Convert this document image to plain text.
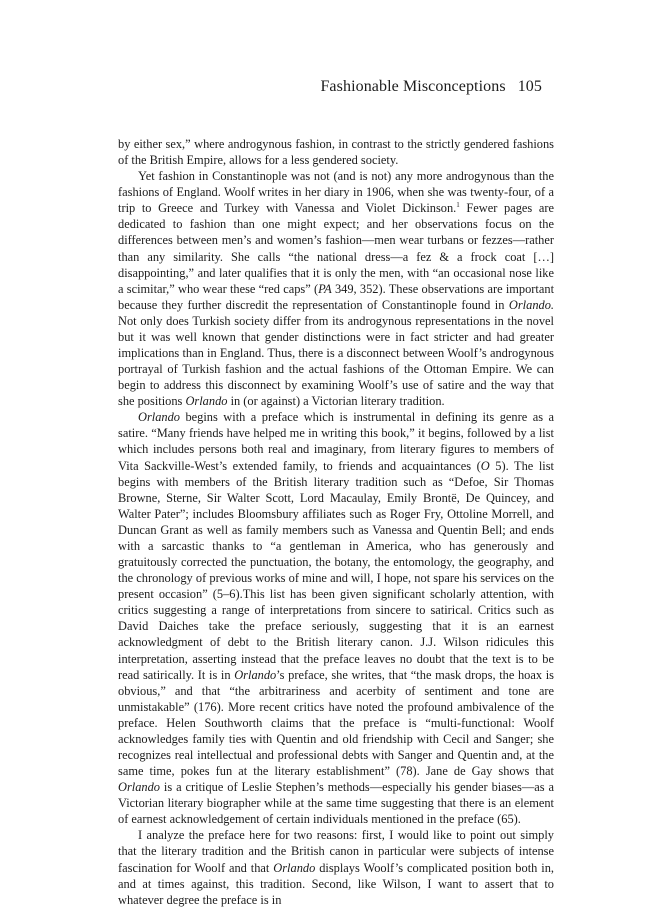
Fashionable Misconceptions 105

by either sex,” where androgynous fashion, in contrast to the strictly gendered fashions of the British Empire, allows for a less gendered society.

Yet fashion in Constantinople was not (and is not) any more androgynous than the fashions of England. Woolf writes in her diary in 1906, when she was twenty-four, of a trip to Greece and Turkey with Vanessa and Violet Dickinson.$^1$ Fewer pages are dedicated to fashion than one might expect; and her observations focus on the differences between men’s and women’s fashion—men wear turbans or fezzes—rather than any similarity. She calls “the national dress—a fez & a frock coat […] disappointing,” and later qualifies that it is only the men, with “an occasional nose like a scimitar,” who wear these “red caps” (PA 349, 352). These observations are important because they further discredit the representation of Constantinople found in Orlando. Not only does Turkish society differ from its androgynous representations in the novel but it was well known that gender distinctions were in fact stricter and had greater implications than in England. Thus, there is a disconnect between Woolf’s androgynous portrayal of Turkish fashion and the actual fashions of the Ottoman Empire. We can begin to address this disconnect by examining Woolf’s use of satire and the way that she positions Orlando in (or against) a Victorian literary tradition.

Orlando begins with a preface which is instrumental in defining its genre as a satire. “Many friends have helped me in writing this book,” it begins, followed by a list which includes persons both real and imaginary, from literary figures to members of Vita Sackville-West’s extended family, to friends and acquaintances (O 5). The list begins with members of the British literary tradition such as “Defoe, Sir Thomas Browne, Sterne, Sir Walter Scott, Lord Macaulay, Emily Brontë, De Quincey, and Walter Pater”; includes Bloomsbury affiliates such as Roger Fry, Ottoline Morrell, and Duncan Grant as well as family members such as Vanessa and Quentin Bell; and ends with a sarcastic thanks to “a gentleman in America, who has generously and gratuitously corrected the punctuation, the botany, the entomology, the geography, and the chronology of previous works of mine and will, I hope, not spare his services on the present occasion” (5–6).This list has been given significant scholarly attention, with critics suggesting a range of interpretations from sincere to satirical. Critics such as David Daiches take the preface seriously, suggesting that it is an earnest acknowledgment of debt to the British literary canon. J.J. Wilson ridicules this interpretation, asserting instead that the preface leaves no doubt that the text is to be read satirically. It is in Orlando’s preface, she writes, that “the mask drops, the hoax is obvious,” and that “the arbitrariness and acerbity of sentiment and tone are unmistakable” (176). More recent critics have noted the profound ambivalence of the preface. Helen Southworth claims that the preface is “multi-functional: Woolf acknowledges family ties with Quentin and old friendship with Cecil and Sanger; she recognizes real intellectual and professional debts with Sanger and Quentin and, at the same time, pokes fun at the literary establishment” (78). Jane de Gay shows that Orlando is a critique of Leslie Stephen’s methods—especially his gender biases—as a Victorian literary biographer while at the same time suggesting that there is an element of earnest acknowledgement of certain individuals mentioned in the preface (65).

I analyze the preface here for two reasons: first, I would like to point out simply that the literary tradition and the British canon in particular were subjects of intense fascination for Woolf and that Orlando displays Woolf’s complicated position both in, and at times against, this tradition. Second, like Wilson, I want to assert that to whatever degree the preface is in
